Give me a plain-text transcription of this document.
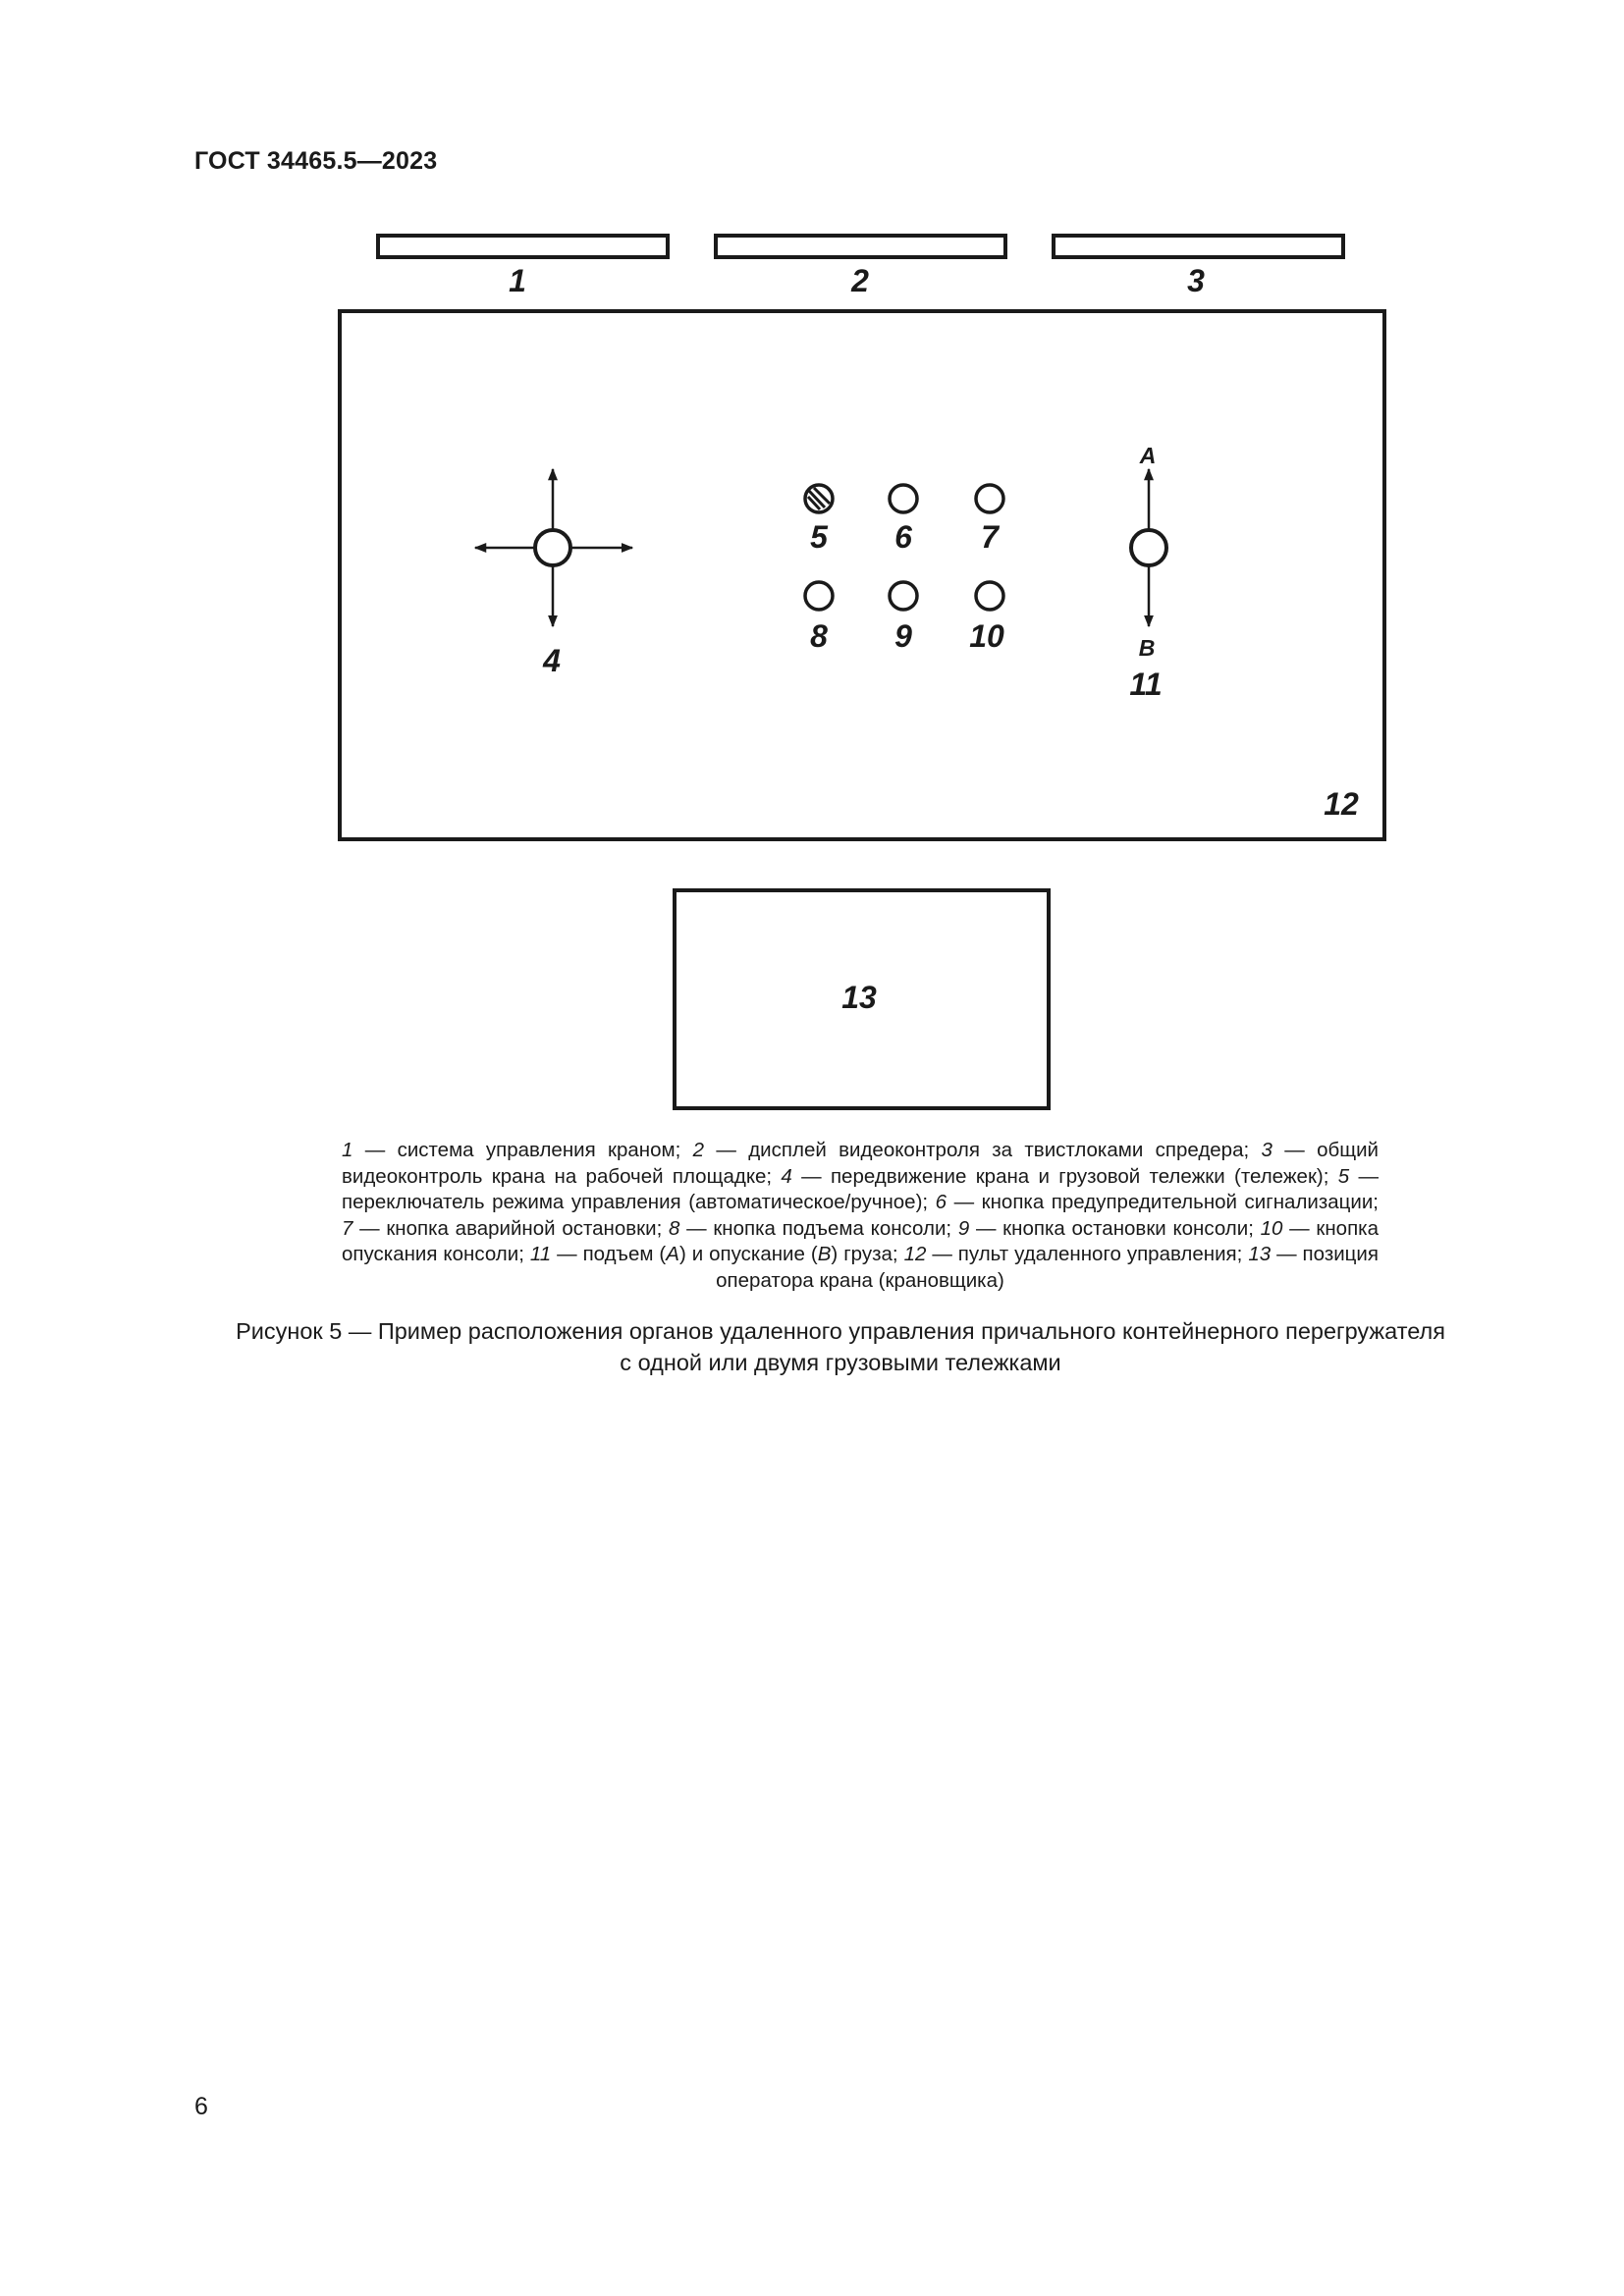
ГОСТ 34465.5—2023
1	2	3
4
5 6 7
8 9 10
A
B
11
12
13
1 — система управления краном; 2 — дисплей видеоконтроля за твистлоками спредера; 3 — общий видеоконтроль крана на рабочей площадке; 4 — передвижение крана и грузовой тележки (тележек); 5 — переключатель режима управления (автоматическое/ручное); 6 — кнопка предупредительной сигнализации; 7 — кнопка аварийной остановки; 8 — кнопка подъема консоли; 9 — кнопка остановки консоли; 10 — кнопка опускания консоли; 11 — подъем (A) и опускание (B) груза; 12 — пульт удаленного управления; 13 — позиция оператора крана (крановщика)
Рисунок 5 — Пример расположения органов удаленного управления причального контейнерного перегружателя
с одной или двумя грузовыми тележками
6
